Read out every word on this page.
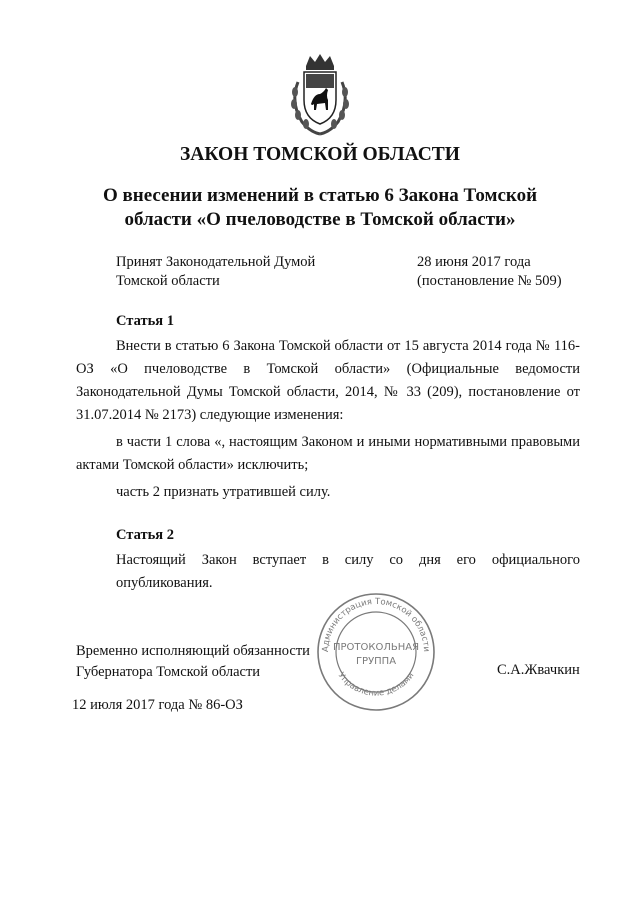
ЗАКОН ТОМСКОЙ ОБЛАСТИ
О внесении изменений в статью 6 Закона Томской
области «О пчеловодстве в Томской области»
Принят Законодательной Думой
Томской области
28 июня 2017 года
(постановление № 509)
Статья 1
Внести в статью 6 Закона Томской области от 15 августа 2014 года № 116-ОЗ «О пчеловодстве в Томской области» (Официальные ведомости Законодательной Думы Томской области, 2014, № 33 (209), постановление от 31.07.2014 № 2173) следующие изменения:
в части 1 слова «, настоящим Законом и иными нормативными правовыми актами Томской области» исключить;
часть 2 признать утратившей силу.
Статья 2
Настоящий Закон вступает в силу со дня его официального опубликования.
Администрация Томской области
Управление делами
ПРОТОКОЛЬНАЯ
ГРУППА
Временно исполняющий обязанности
Губернатора Томской области	С.А.Жвачкин
12 июля 2017 года № 86-ОЗ
